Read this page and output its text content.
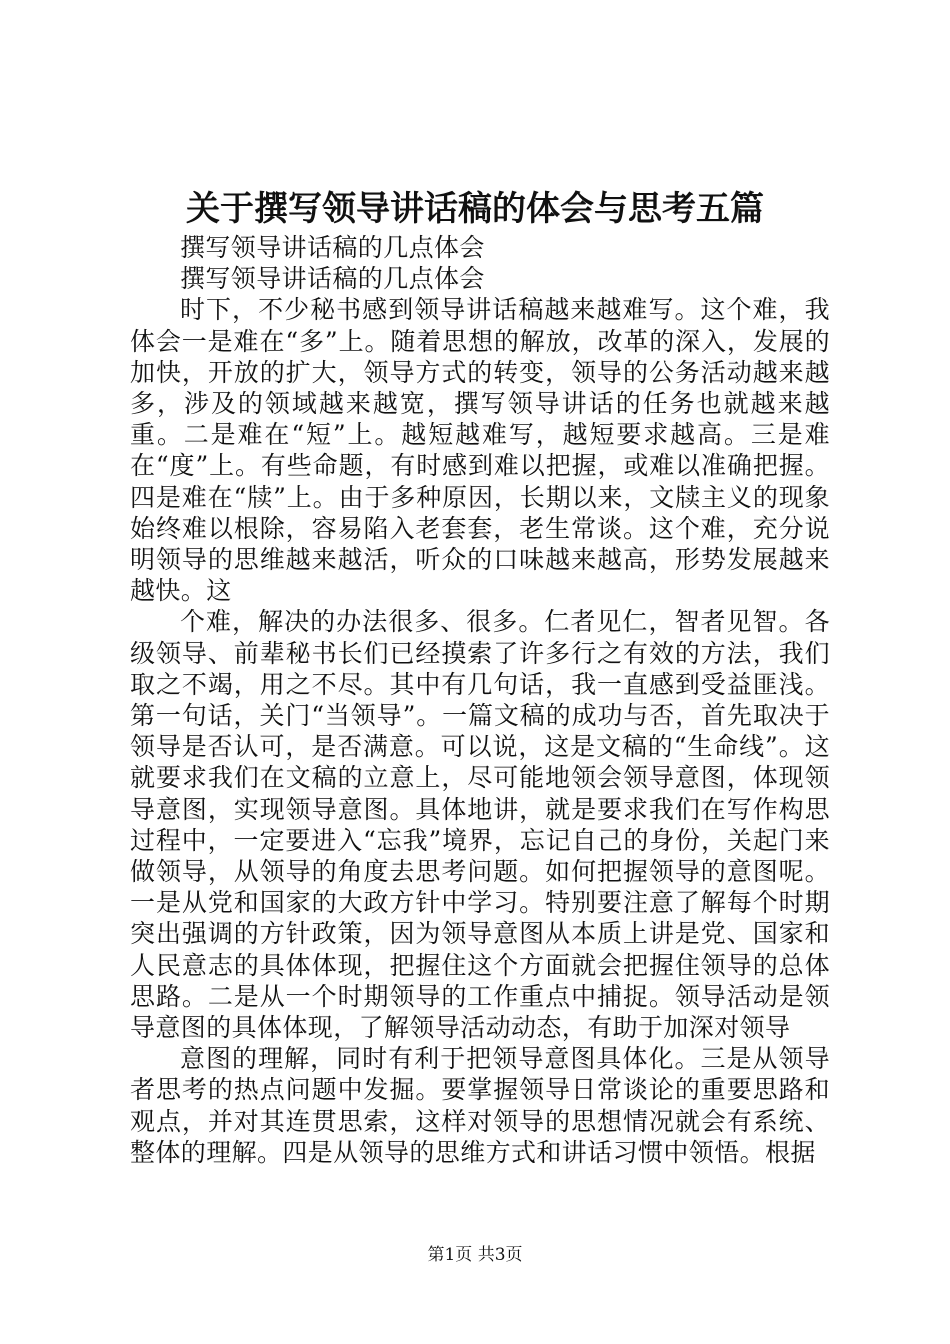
关于撰写领导讲话稿的体会与思考五篇

撰写领导讲话稿的几点体会

撰写领导讲话稿的几点体会

时下，不少秘书感到领导讲话稿越来越难写。这个难，我体会一是难在“多”上。随着思想的解放，改革的深入，发展的加快，开放的扩大，领导方式的转变，领导的公务活动越来越多，涉及的领域越来越宽，撰写领导讲话的任务也就越来越重。二是难在“短”上。越短越难写，越短要求越高。三是难在“度”上。有些命题，有时感到难以把握，或难以准确把握。四是难在“牍”上。由于多种原因，长期以来，文牍主义的现象始终难以根除，容易陷入老套套，老生常谈。这个难，充分说明领导的思维越来越活，听众的口味越来越高，形势发展越来越快。这

个难，解决的办法很多、很多。仁者见仁，智者见智。各级领导、前辈秘书长们已经摸索了许多行之有效的方法，我们取之不竭，用之不尽。其中有几句话，我一直感到受益匪浅。第一句话，关门“当领导”。一篇文稿的成功与否，首先取决于领导是否认可，是否满意。可以说，这是文稿的“生命线”。这就要求我们在文稿的立意上，尽可能地领会领导意图，体现领导意图，实现领导意图。具体地讲，就是要求我们在写作构思过程中，一定要进入“忘我”境界，忘记自己的身份，关起门来做领导，从领导的角度去思考问题。如何把握领导的意图呢。一是从党和国家的大政方针中学习。特别要注意了解每个时期突出强调的方针政策，因为领导意图从本质上讲是党、国家和人民意志的具体体现，把握住这个方面就会把握住领导的总体思路。二是从一个时期领导的工作重点中捕捉。领导活动是领导意图的具体体现，了解领导活动动态，有助于加深对领导

意图的理解，同时有利于把领导意图具体化。三是从领导者思考的热点问题中发掘。要掌握领导日常谈论的重要思路和观点，并对其连贯思索，这样对领导的思想情况就会有系统、整体的理解。四是从领导的思维方式和讲话习惯中领悟。根据

第1页 共3页
